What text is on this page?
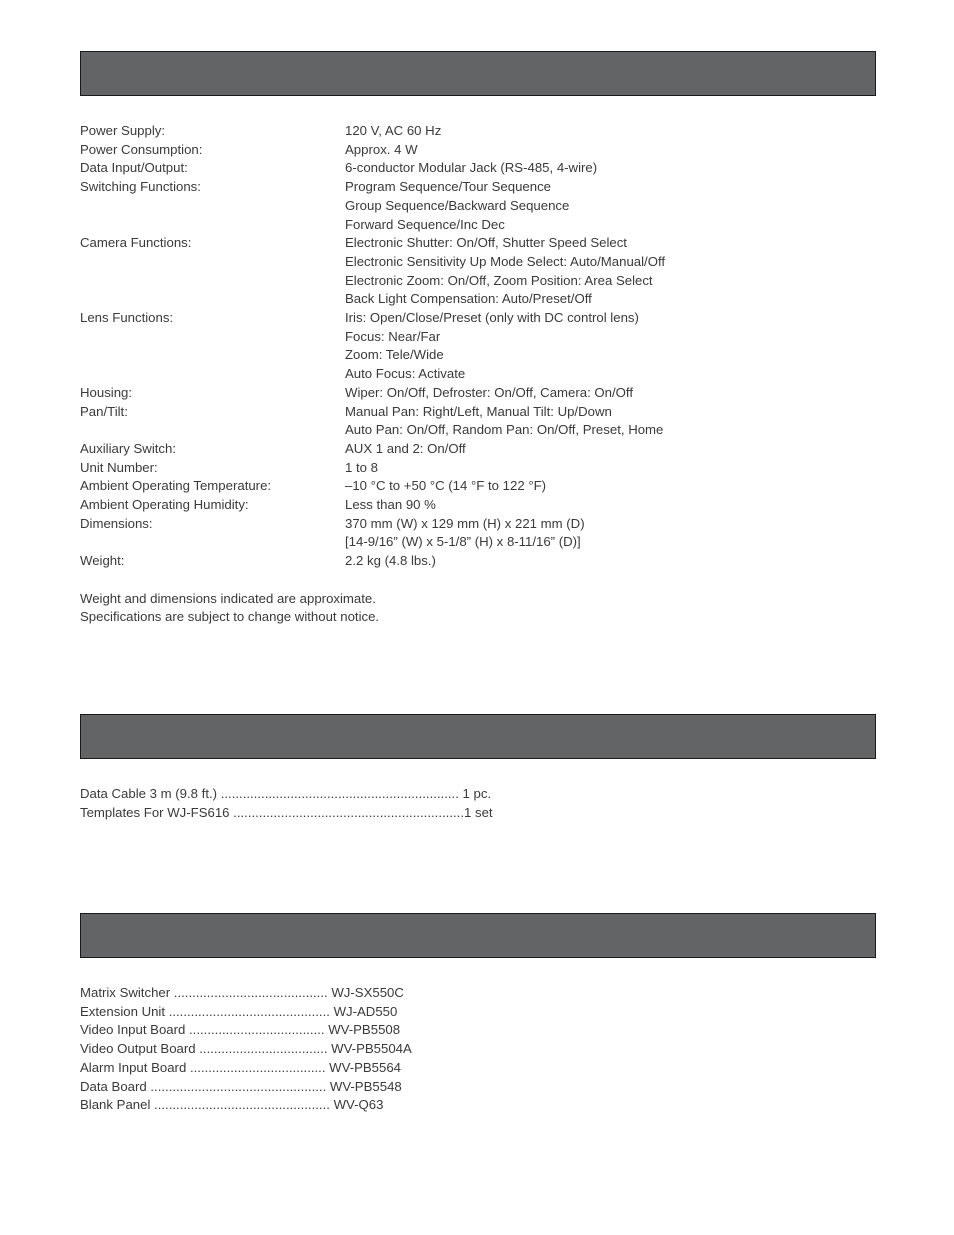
Power Supply:	120 V, AC 60 Hz
Power Consumption:	Approx. 4 W
Data Input/Output:	6-conductor Modular Jack (RS-485, 4-wire)
Switching Functions:	Program Sequence/Tour Sequence
Group Sequence/Backward Sequence
Forward Sequence/Inc Dec
Camera Functions:	Electronic Shutter: On/Off, Shutter Speed Select
Electronic Sensitivity Up Mode Select: Auto/Manual/Off
Electronic Zoom: On/Off, Zoom Position: Area Select
Back Light Compensation: Auto/Preset/Off
Lens Functions:	Iris: Open/Close/Preset (only with DC control lens)
Focus: Near/Far
Zoom: Tele/Wide
Auto Focus: Activate
Housing:	Wiper: On/Off, Defroster: On/Off, Camera: On/Off
Pan/Tilt:	Manual Pan: Right/Left, Manual Tilt: Up/Down
Auto Pan: On/Off, Random Pan: On/Off, Preset, Home
Auxiliary Switch:	AUX 1 and 2: On/Off
Unit Number:	1 to 8
Ambient Operating Temperature:	–10 °C to +50 °C (14 °F to 122 °F)
Ambient Operating Humidity:	Less than 90 %
Dimensions:	370 mm (W) x 129 mm (H) x 221 mm (D)
[14-9/16” (W) x 5-1/8” (H) x 8-11/16” (D)]
Weight:	2.2 kg (4.8 lbs.)
Weight and dimensions indicated are approximate.
Specifications are subject to change without notice.
Data Cable 3 m (9.8 ft.) ................................................................. 1 pc.
Templates For WJ-FS616 ...............................................................1 set
Matrix Switcher .......................................... WJ-SX550C
Extension Unit ............................................ WJ-AD550
Video Input Board ..................................... WV-PB5508
Video Output Board ................................... WV-PB5504A
Alarm Input Board ..................................... WV-PB5564
Data Board ................................................ WV-PB5548
Blank Panel ................................................ WV-Q63
